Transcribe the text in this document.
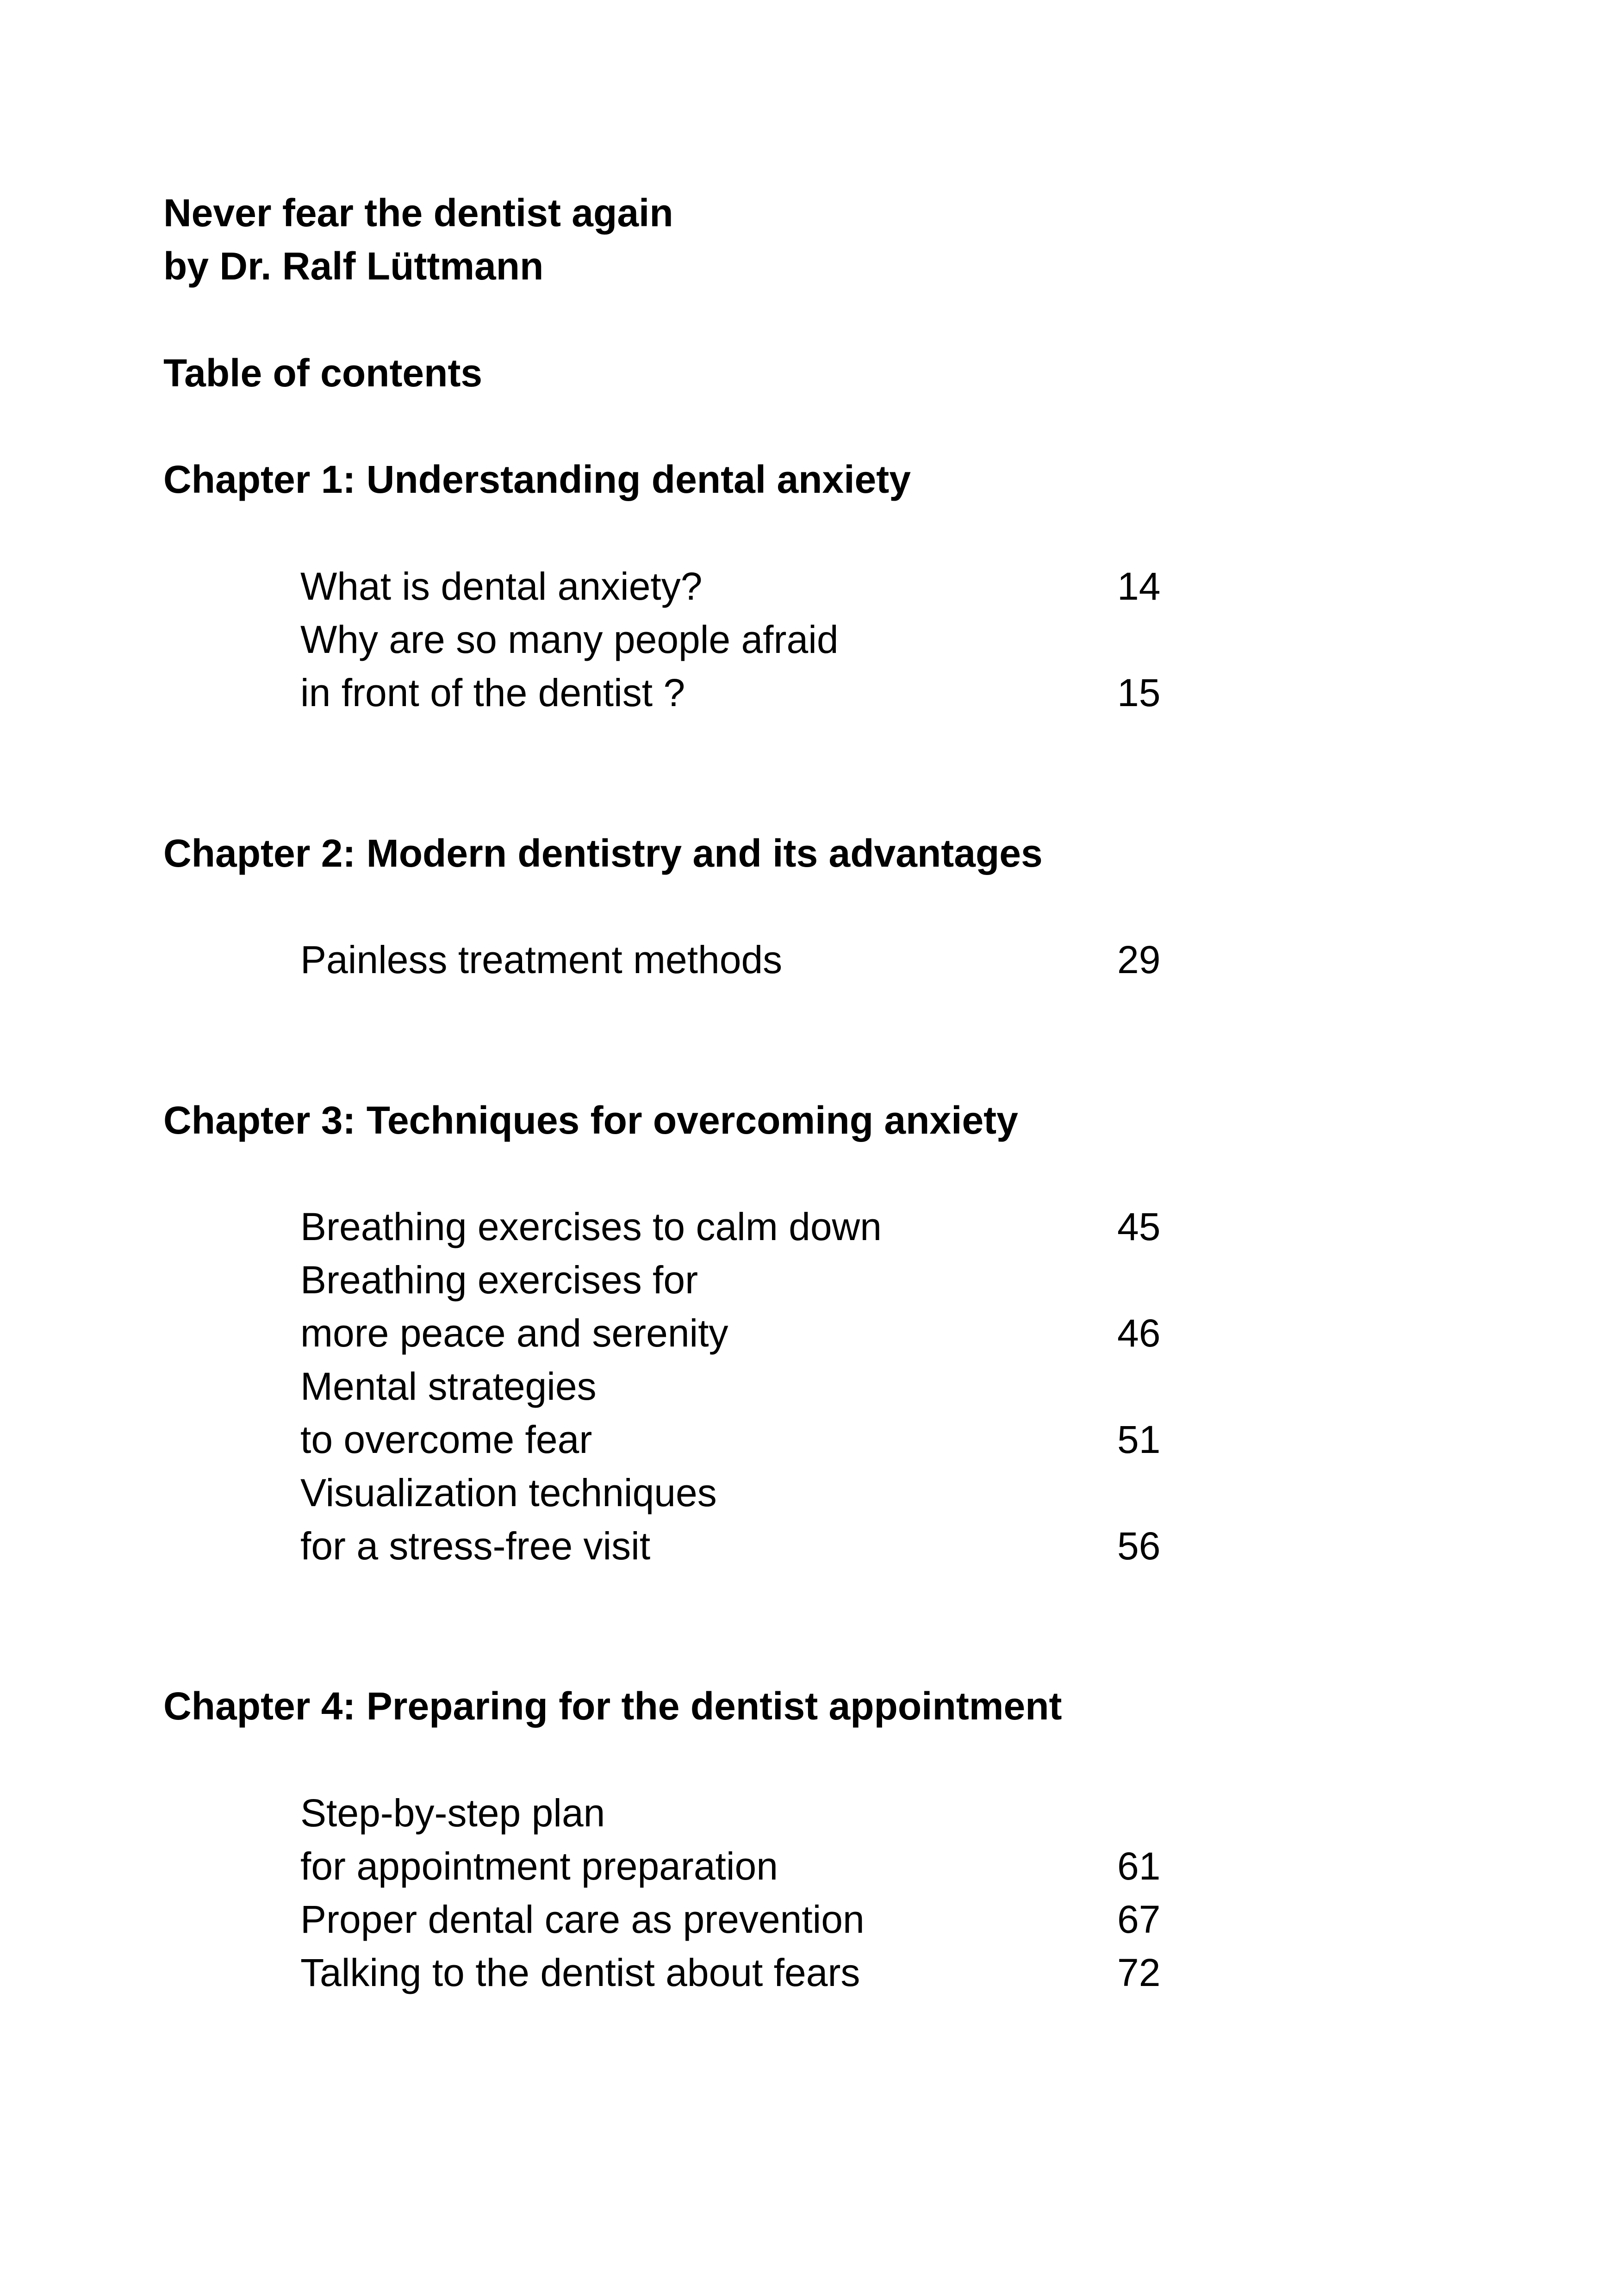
Never fear the dentist again
by Dr. Ralf Lüttmann
Table of contents
Chapter 1: Understanding dental anxiety
What is dental anxiety?	14
Why are so many people afraid
in front of the dentist ?	15
Chapter 2: Modern dentistry and its advantages
Painless treatment methods	29
Chapter 3: Techniques for overcoming anxiety
Breathing exercises to calm down	45
Breathing exercises for
more peace and serenity	46
Mental strategies
to overcome fear	51
Visualization techniques
for a stress-free visit	56
Chapter 4: Preparing for the dentist appointment
Step-by-step plan
for appointment preparation	61
Proper dental care as prevention	67
Talking to the dentist about fears	72
